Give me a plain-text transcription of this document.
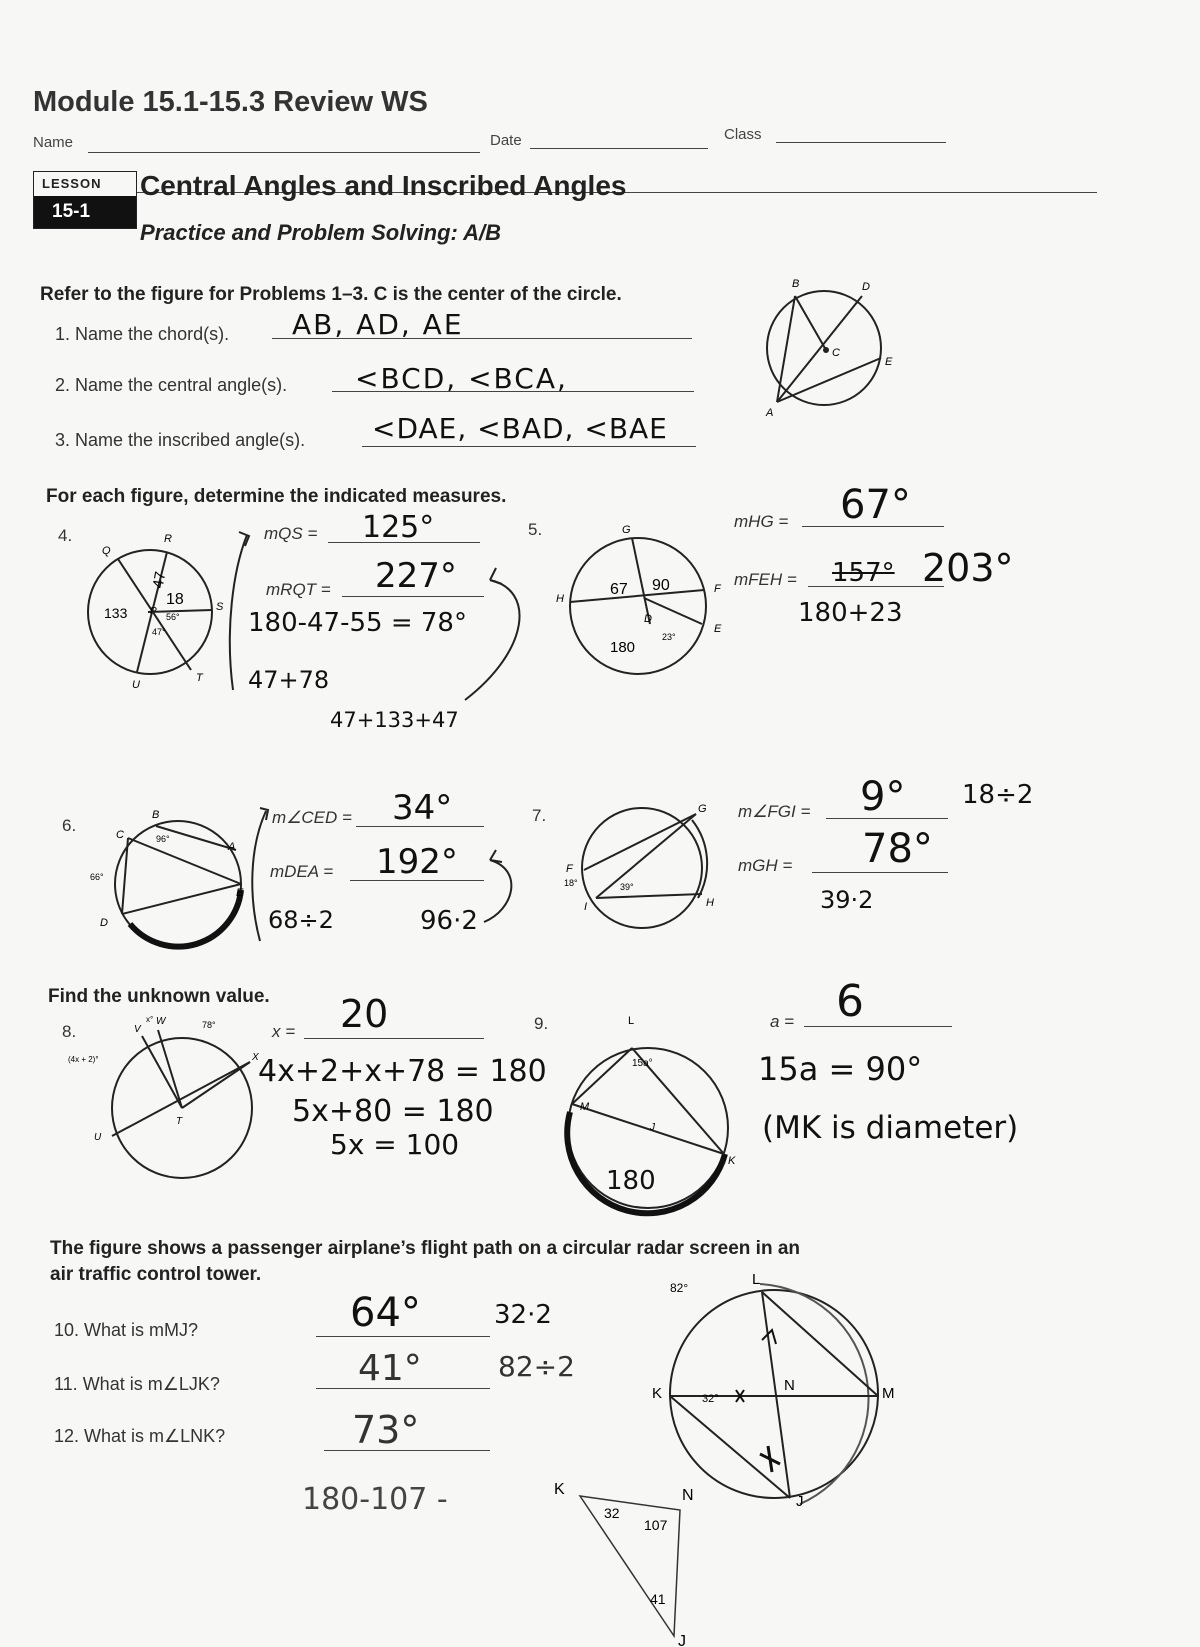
Module 15.1-15.3 Review WS
Name	Date	Class
LESSON
15-1
Central Angles and Inscribed Angles
Practice and Problem Solving: A/B
Refer to the figure for Problems 1–3. C is the center of the circle.
1. Name the chord(s). AB, AD, AE
2. Name the central angle(s). <BCD, <BCA,
3. Name the inscribed angle(s). <DAE, <BAD, <BAE
B	D
C
E
A
For each figure, determine the indicated measures.
4.
Q
R
S
T
U
P
133
47
18
56°
47°
mQS = 125°
mRQT = 227°
180-47-55 = 78°
47+78
47+133+47
5.	G
H
F
E
D
67 90
180
23°
mHG = 67°
mFEH = 157° 203°
180+23
6.
B
C
A
D
E
66°
96°
m∠CED = 34°
mDEA = 192°
68÷2	96·2
7.	G
F
H
I
18°	39°
m∠FGI = 9° 18÷2
mGH = 78°
39·2
Find the unknown value.
8.	V
W
X
U
T
x°
78°
(4x + 2)°
x = 20
4x+2+x+78 = 180
5x+80 = 180
5x = 100
9.
J
L
M
K
15a°
180
a = 6
15a = 90°
(MK is diameter)
The figure shows a passenger airplane’s flight path on a circular radar screen in an
air traffic control tower.
10. What is mMJ?	64°	32·2
11. What is m∠LJK?	41°	82÷2
12. What is m∠LNK?	73°
180-107 -
L
K	M
N
J
82°
32°
K	N
J
32
107
41
